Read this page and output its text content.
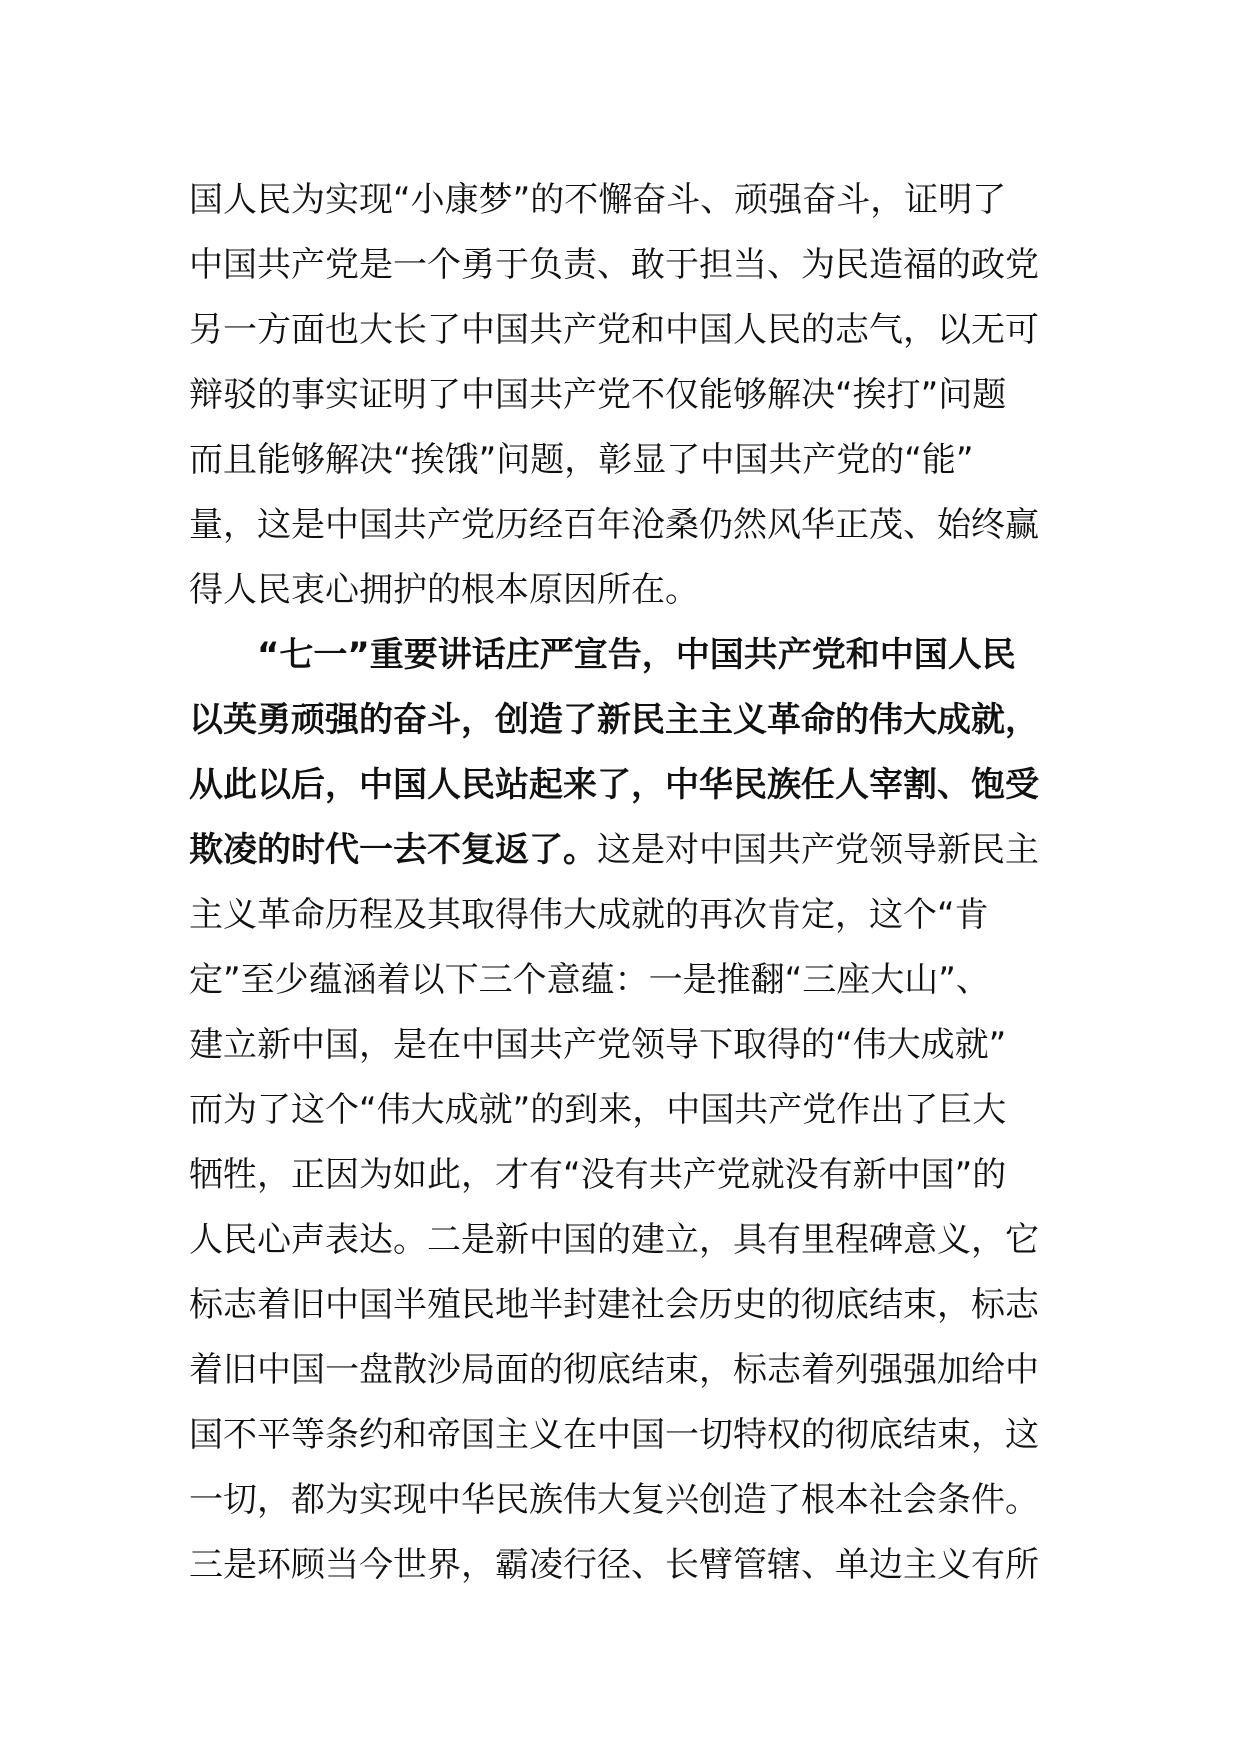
国人民为实现“小康梦”的不懈奋斗、顽强奋斗，证明了
中国共产党是一个勇于负责、敢于担当、为民造福的政党
另一方面也大长了中国共产党和中国人民的志气，以无可
辩驳的事实证明了中国共产党不仅能够解决“挨打”问题
而且能够解决“挨饿”问题，彰显了中国共产党的“能”
量，这是中国共产党历经百年沧桑仍然风华正茂、始终赢
得人民衷心拥护的根本原因所在。
　　“七一”重要讲话庄严宣告，中国共产党和中国人民
以英勇顽强的奋斗，创造了新民主主义革命的伟大成就，
从此以后，中国人民站起来了，中华民族任人宰割、饱受
欺凌的时代一去不复返了。这是对中国共产党领导新民主
主义革命历程及其取得伟大成就的再次肯定，这个“肯
定”至少蕴涵着以下三个意蕴：一是推翻“三座大山”、
建立新中国，是在中国共产党领导下取得的“伟大成就”
而为了这个“伟大成就”的到来，中国共产党作出了巨大
牺牲，正因为如此，才有“没有共产党就没有新中国”的
人民心声表达。二是新中国的建立，具有里程碑意义，它
标志着旧中国半殖民地半封建社会历史的彻底结束，标志
着旧中国一盘散沙局面的彻底结束，标志着列强强加给中
国不平等条约和帝国主义在中国一切特权的彻底结束，这
一切，都为实现中华民族伟大复兴创造了根本社会条件。
三是环顾当今世界，霸凌行径、长臂管辖、单边主义有所
